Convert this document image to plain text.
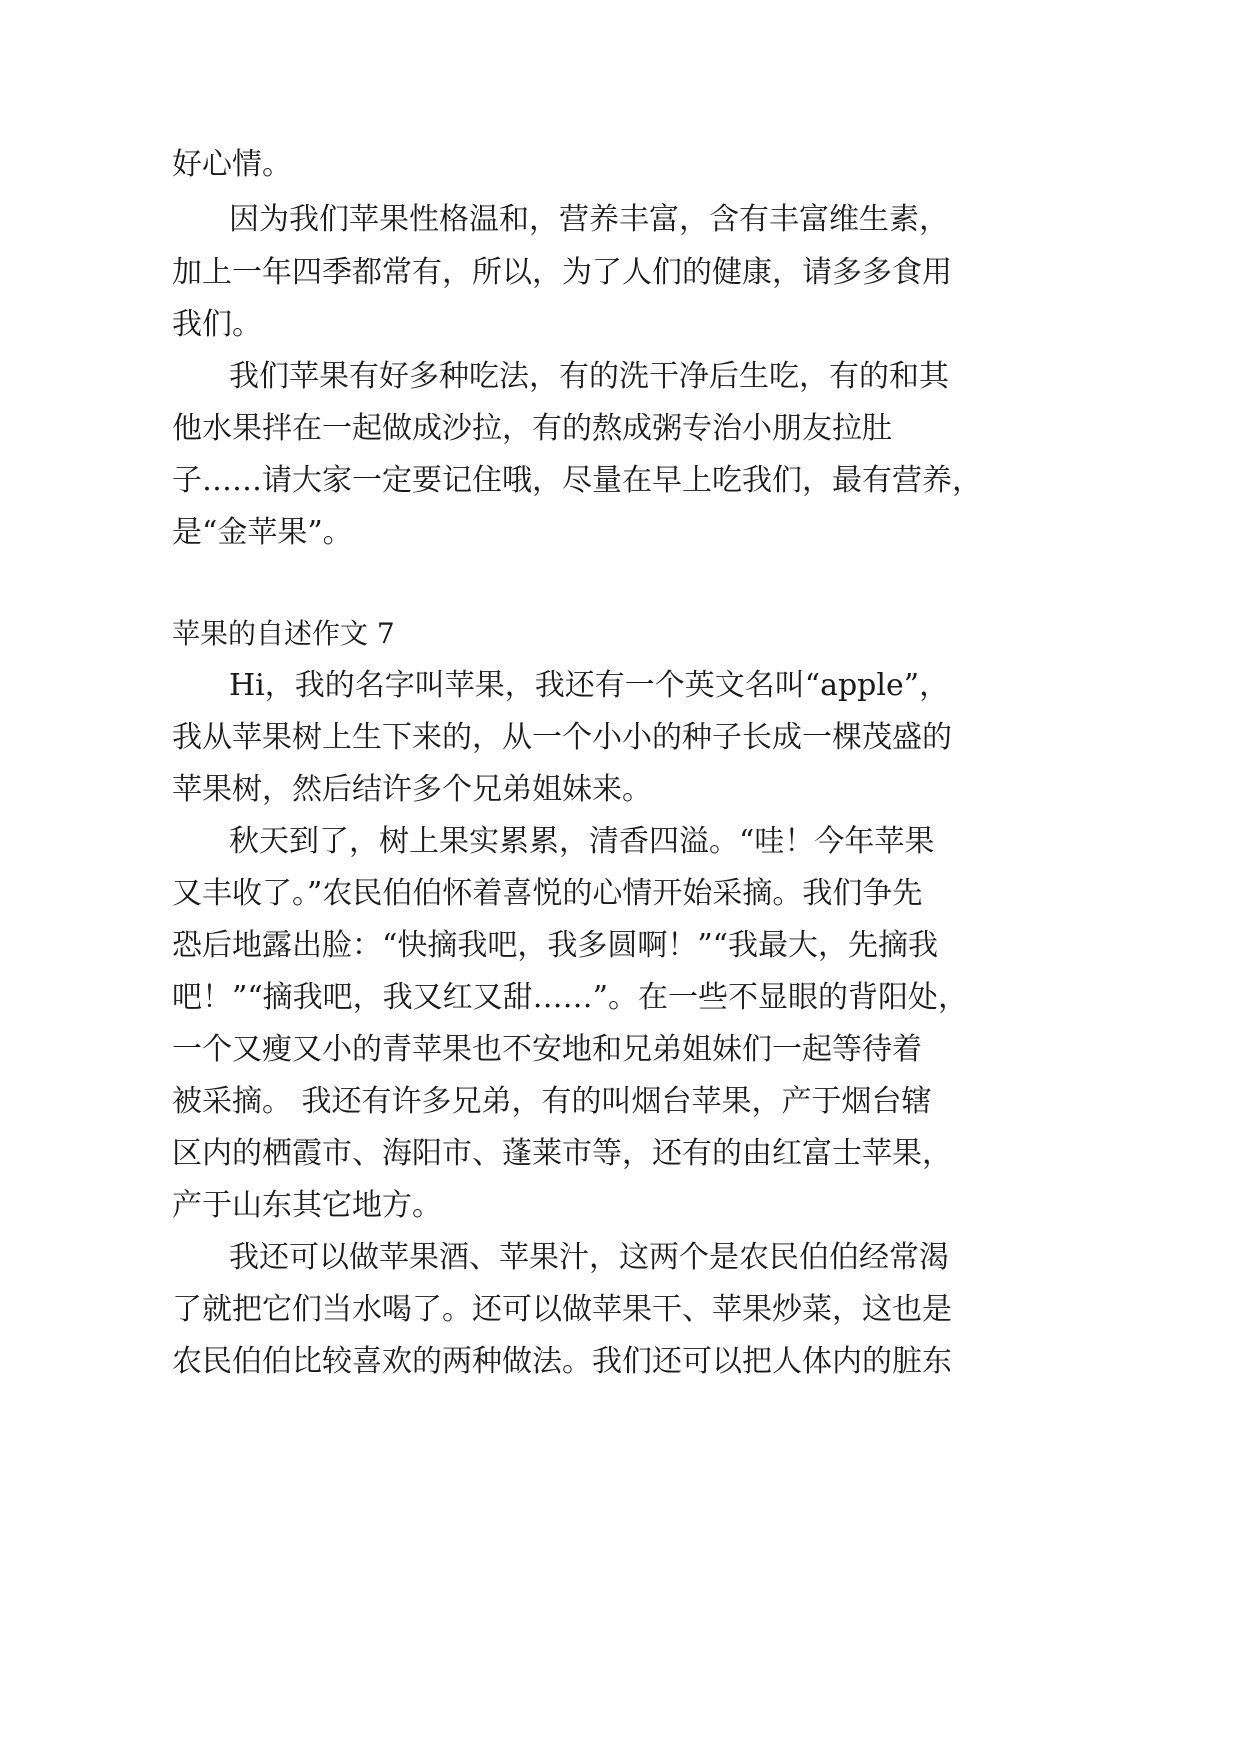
好心情。
因为我们苹果性格温和，营养丰富，含有丰富维生素，
加上一年四季都常有，所以，为了人们的健康，请多多食用
我们。
我们苹果有好多种吃法，有的洗干净后生吃，有的和其
他水果拌在一起做成沙拉，有的熬成粥专治小朋友拉肚
子……请大家一定要记住哦，尽量在早上吃我们，最有营养，
是“金苹果”。
苹果的自述作文 7
Hi，我的名字叫苹果，我还有一个英文名叫“apple”，
我从苹果树上生下来的，从一个小小的种子长成一棵茂盛的
苹果树，然后结许多个兄弟姐妹来。
秋天到了，树上果实累累，清香四溢。“哇！今年苹果
又丰收了。”农民伯伯怀着喜悦的心情开始采摘。我们争先
恐后地露出脸：“快摘我吧，我多圆啊！”“我最大，先摘我
吧！”“摘我吧，我又红又甜……”。在一些不显眼的背阳处，
一个又瘦又小的青苹果也不安地和兄弟姐妹们一起等待着
被采摘。 我还有许多兄弟，有的叫烟台苹果，产于烟台辖
区内的栖霞市、海阳市、蓬莱市等，还有的由红富士苹果，
产于山东其它地方。
我还可以做苹果酒、苹果汁，这两个是农民伯伯经常渴
了就把它们当水喝了。还可以做苹果干、苹果炒菜，这也是
农民伯伯比较喜欢的两种做法。我们还可以把人体内的脏东
